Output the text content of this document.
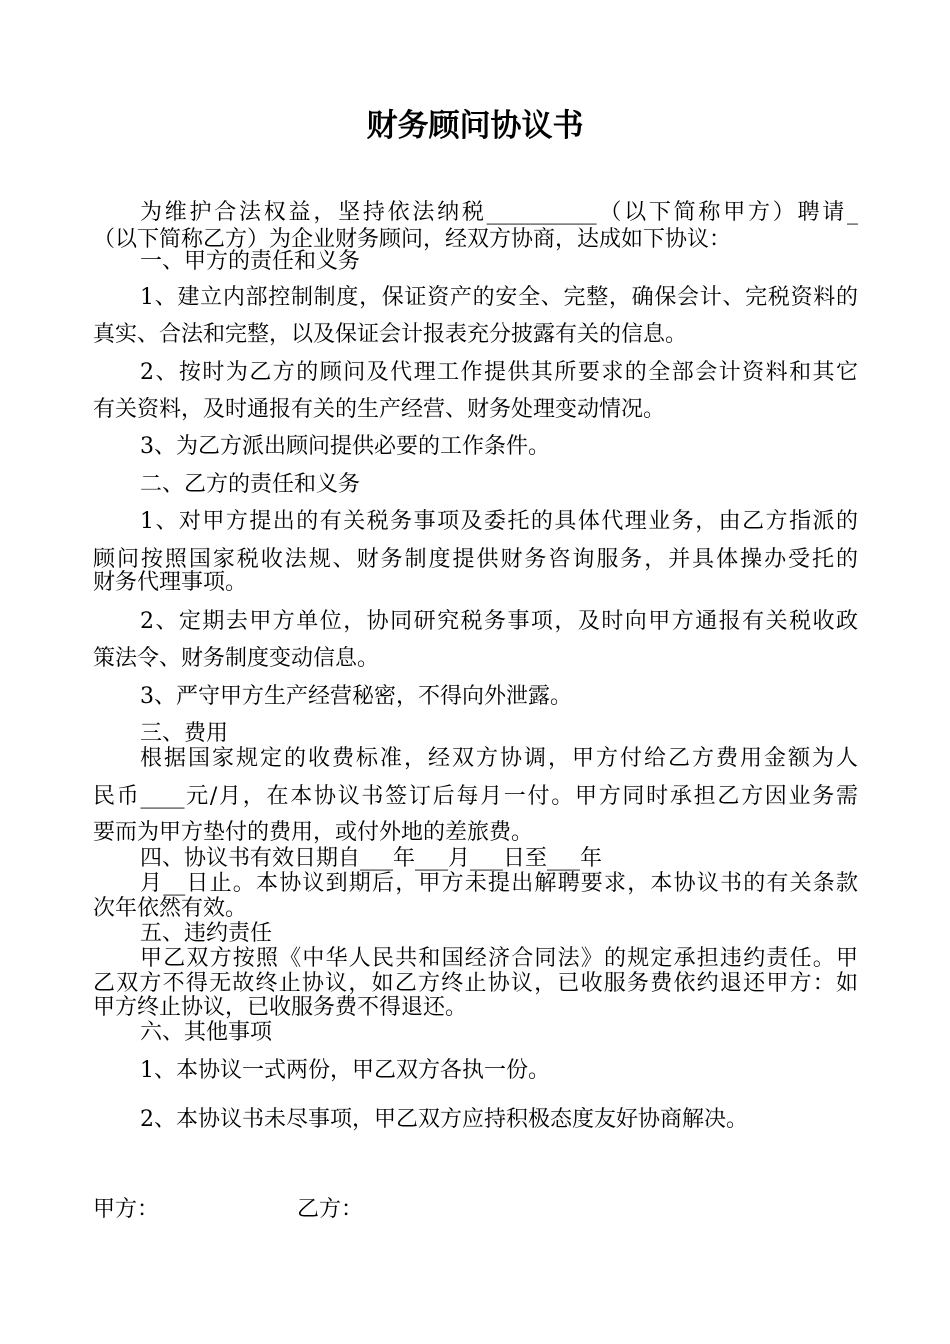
财务顾问协议书
为维护合法权益，坚持依法纳税__________（以下简称甲方）聘请_
（以下简称乙方）为企业财务顾问，经双方协商，达成如下协议：
一、甲方的责任和义务
1、建立内部控制制度，保证资产的安全、完整，确保会计、完税资料的
真实、合法和完整，以及保证会计报表充分披露有关的信息。
2、按时为乙方的顾问及代理工作提供其所要求的全部会计资料和其它
有关资料，及时通报有关的生产经营、财务处理变动情况。
3、为乙方派出顾问提供必要的工作条件。
二、乙方的责任和义务
1、对甲方提出的有关税务事项及委托的具体代理业务，由乙方指派的
顾问按照国家税收法规、财务制度提供财务咨询服务，并具体操办受托的
财务代理事项。
2、定期去甲方单位，协同研究税务事项，及时向甲方通报有关税收政
策法令、财务制度变动信息。
3、严守甲方生产经营秘密，不得向外泄露。
三、费用
根据国家规定的收费标准，经双方协调，甲方付给乙方费用金额为人
民币____元/月，在本协议书签订后每月一付。甲方同时承担乙方因业务需
要而为甲方垫付的费用，或付外地的差旅费。
四、协议书有效日期自___年___月___日至___年
月__日止。本协议到期后，甲方未提出解聘要求，本协议书的有关条款
次年依然有效。
五、违约责任
甲乙双方按照《中华人民共和国经济合同法》的规定承担违约责任。甲
乙双方不得无故终止协议，如乙方终止协议，已收服务费依约退还甲方：如
甲方终止协议，已收服务费不得退还。
六、其他事项
1、本协议一式两份，甲乙双方各执一份。
2、本协议书未尽事项，甲乙双方应持积极态度友好协商解决。
甲方：	乙方：
